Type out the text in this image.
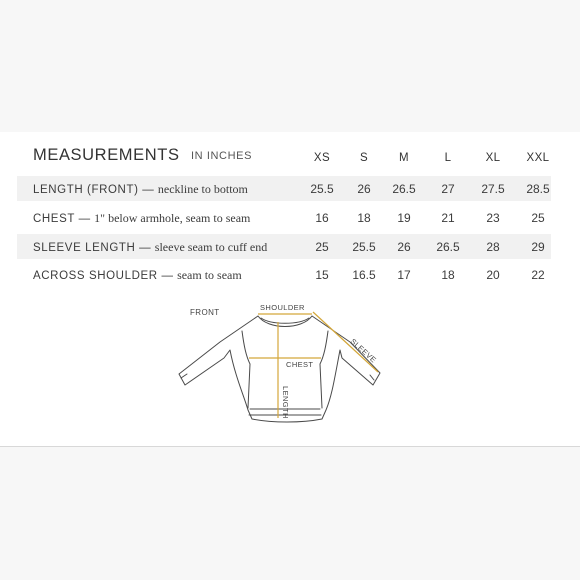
MEASUREMENTS IN INCHES	XS	S	M	L	XL	XXL
LENGTH (FRONT) — neckline to bottom	25.5	26	26.5	27	27.5	28.5
CHEST — 1" below armhole, seam to seam	16	18	19	21	23	25
SLEEVE LENGTH — sleeve seam to cuff end	25	25.5	26	26.5	28	29
ACROSS SHOULDER — seam to seam	15	16.5	17	18	20	22
FRONT
SHOULDER
CHEST
LENGTH
SLEEVE
